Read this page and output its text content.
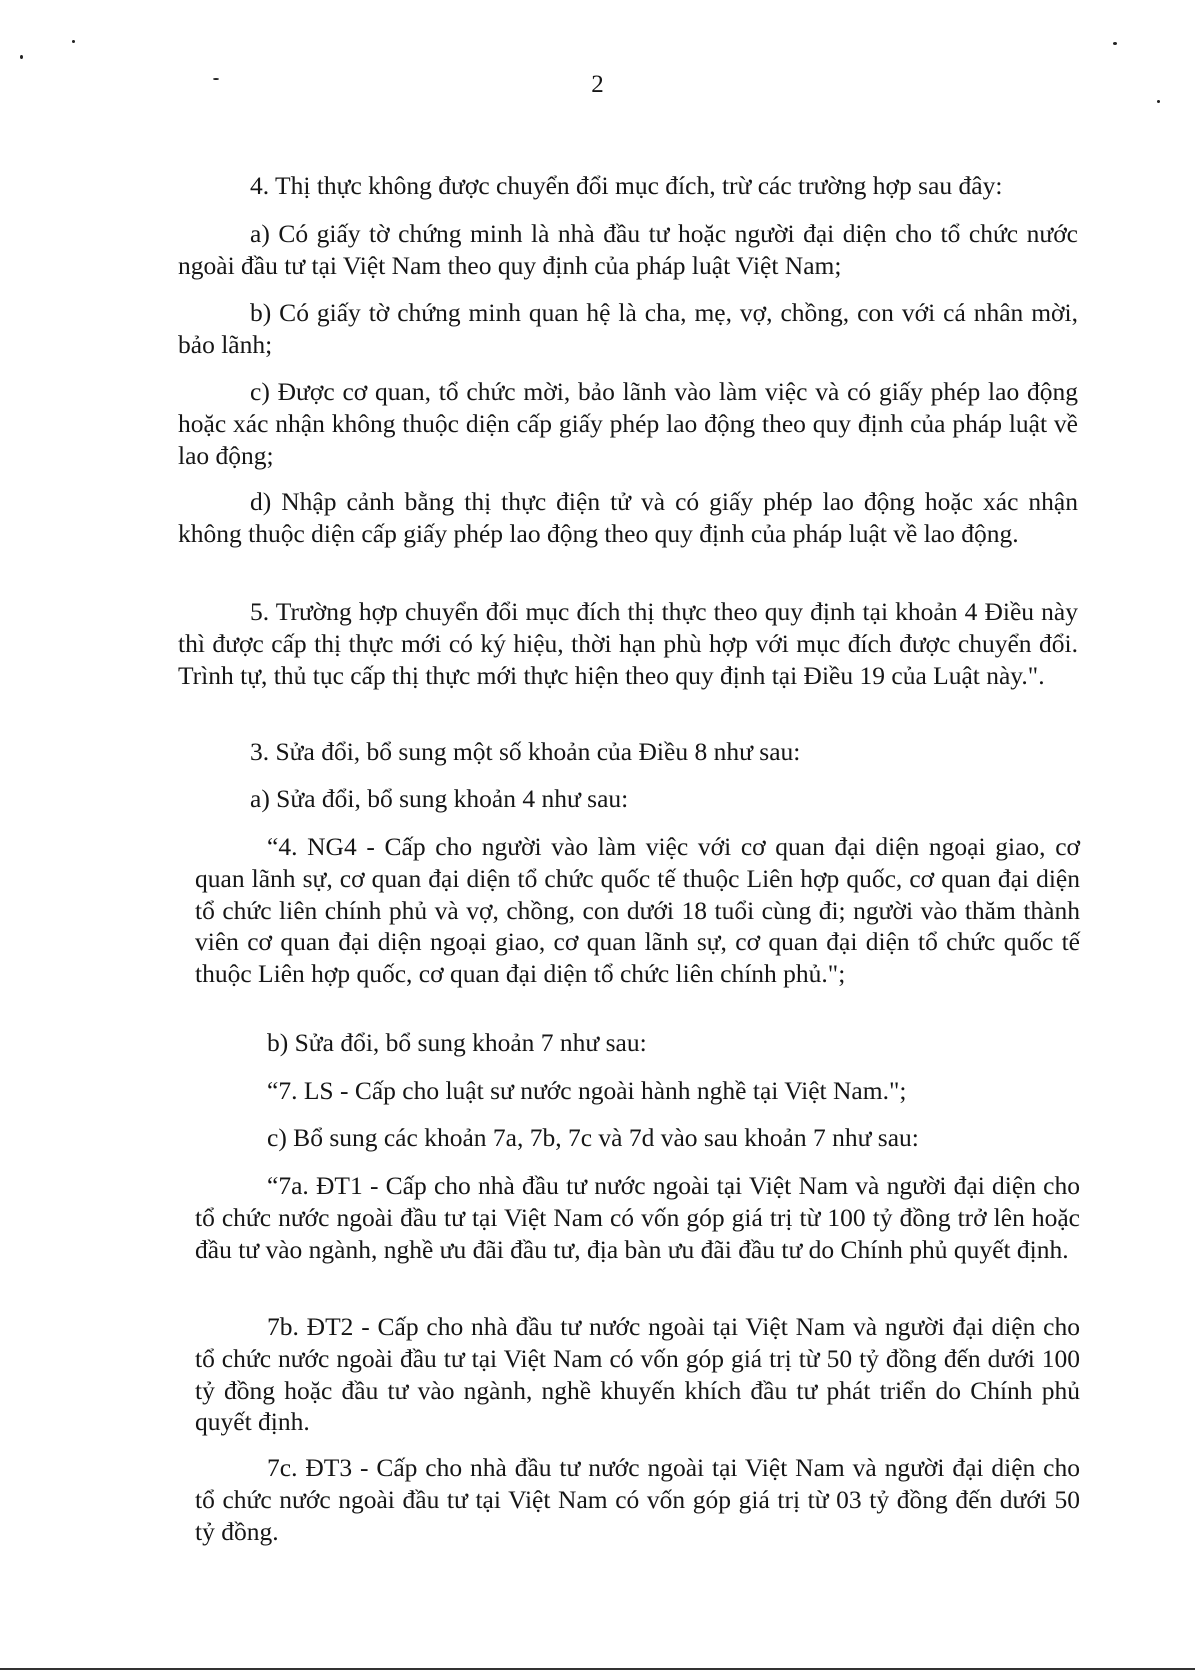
2

4. Thị thực không được chuyển đổi mục đích, trừ các trường hợp sau đây:

a) Có giấy tờ chứng minh là nhà đầu tư hoặc người đại diện cho tổ chức nước ngoài đầu tư tại Việt Nam theo quy định của pháp luật Việt Nam;

b) Có giấy tờ chứng minh quan hệ là cha, mẹ, vợ, chồng, con với cá nhân mời, bảo lãnh;

c) Được cơ quan, tổ chức mời, bảo lãnh vào làm việc và có giấy phép lao động hoặc xác nhận không thuộc diện cấp giấy phép lao động theo quy định của pháp luật về lao động;

d) Nhập cảnh bằng thị thực điện tử và có giấy phép lao động hoặc xác nhận không thuộc diện cấp giấy phép lao động theo quy định của pháp luật về lao động.

5. Trường hợp chuyển đổi mục đích thị thực theo quy định tại khoản 4 Điều này thì được cấp thị thực mới có ký hiệu, thời hạn phù hợp với mục đích được chuyển đổi. Trình tự, thủ tục cấp thị thực mới thực hiện theo quy định tại Điều 19 của Luật này.".

3. Sửa đổi, bổ sung một số khoản của Điều 8 như sau:

a) Sửa đổi, bổ sung khoản 4 như sau:

“4. NG4 - Cấp cho người vào làm việc với cơ quan đại diện ngoại giao, cơ quan lãnh sự, cơ quan đại diện tổ chức quốc tế thuộc Liên hợp quốc, cơ quan đại diện tổ chức liên chính phủ và vợ, chồng, con dưới 18 tuổi cùng đi; người vào thăm thành viên cơ quan đại diện ngoại giao, cơ quan lãnh sự, cơ quan đại diện tổ chức quốc tế thuộc Liên hợp quốc, cơ quan đại diện tổ chức liên chính phủ.";

b) Sửa đổi, bổ sung khoản 7 như sau:

“7. LS - Cấp cho luật sư nước ngoài hành nghề tại Việt Nam.";

c) Bổ sung các khoản 7a, 7b, 7c và 7d vào sau khoản 7 như sau:

“7a. ĐT1 - Cấp cho nhà đầu tư nước ngoài tại Việt Nam và người đại diện cho tổ chức nước ngoài đầu tư tại Việt Nam có vốn góp giá trị từ 100 tỷ đồng trở lên hoặc đầu tư vào ngành, nghề ưu đãi đầu tư, địa bàn ưu đãi đầu tư do Chính phủ quyết định.

7b. ĐT2 - Cấp cho nhà đầu tư nước ngoài tại Việt Nam và người đại diện cho tổ chức nước ngoài đầu tư tại Việt Nam có vốn góp giá trị từ 50 tỷ đồng đến dưới 100 tỷ đồng hoặc đầu tư vào ngành, nghề khuyến khích đầu tư phát triển do Chính phủ quyết định.

7c. ĐT3 - Cấp cho nhà đầu tư nước ngoài tại Việt Nam và người đại diện cho tổ chức nước ngoài đầu tư tại Việt Nam có vốn góp giá trị từ 03 tỷ đồng đến dưới 50 tỷ đồng.
